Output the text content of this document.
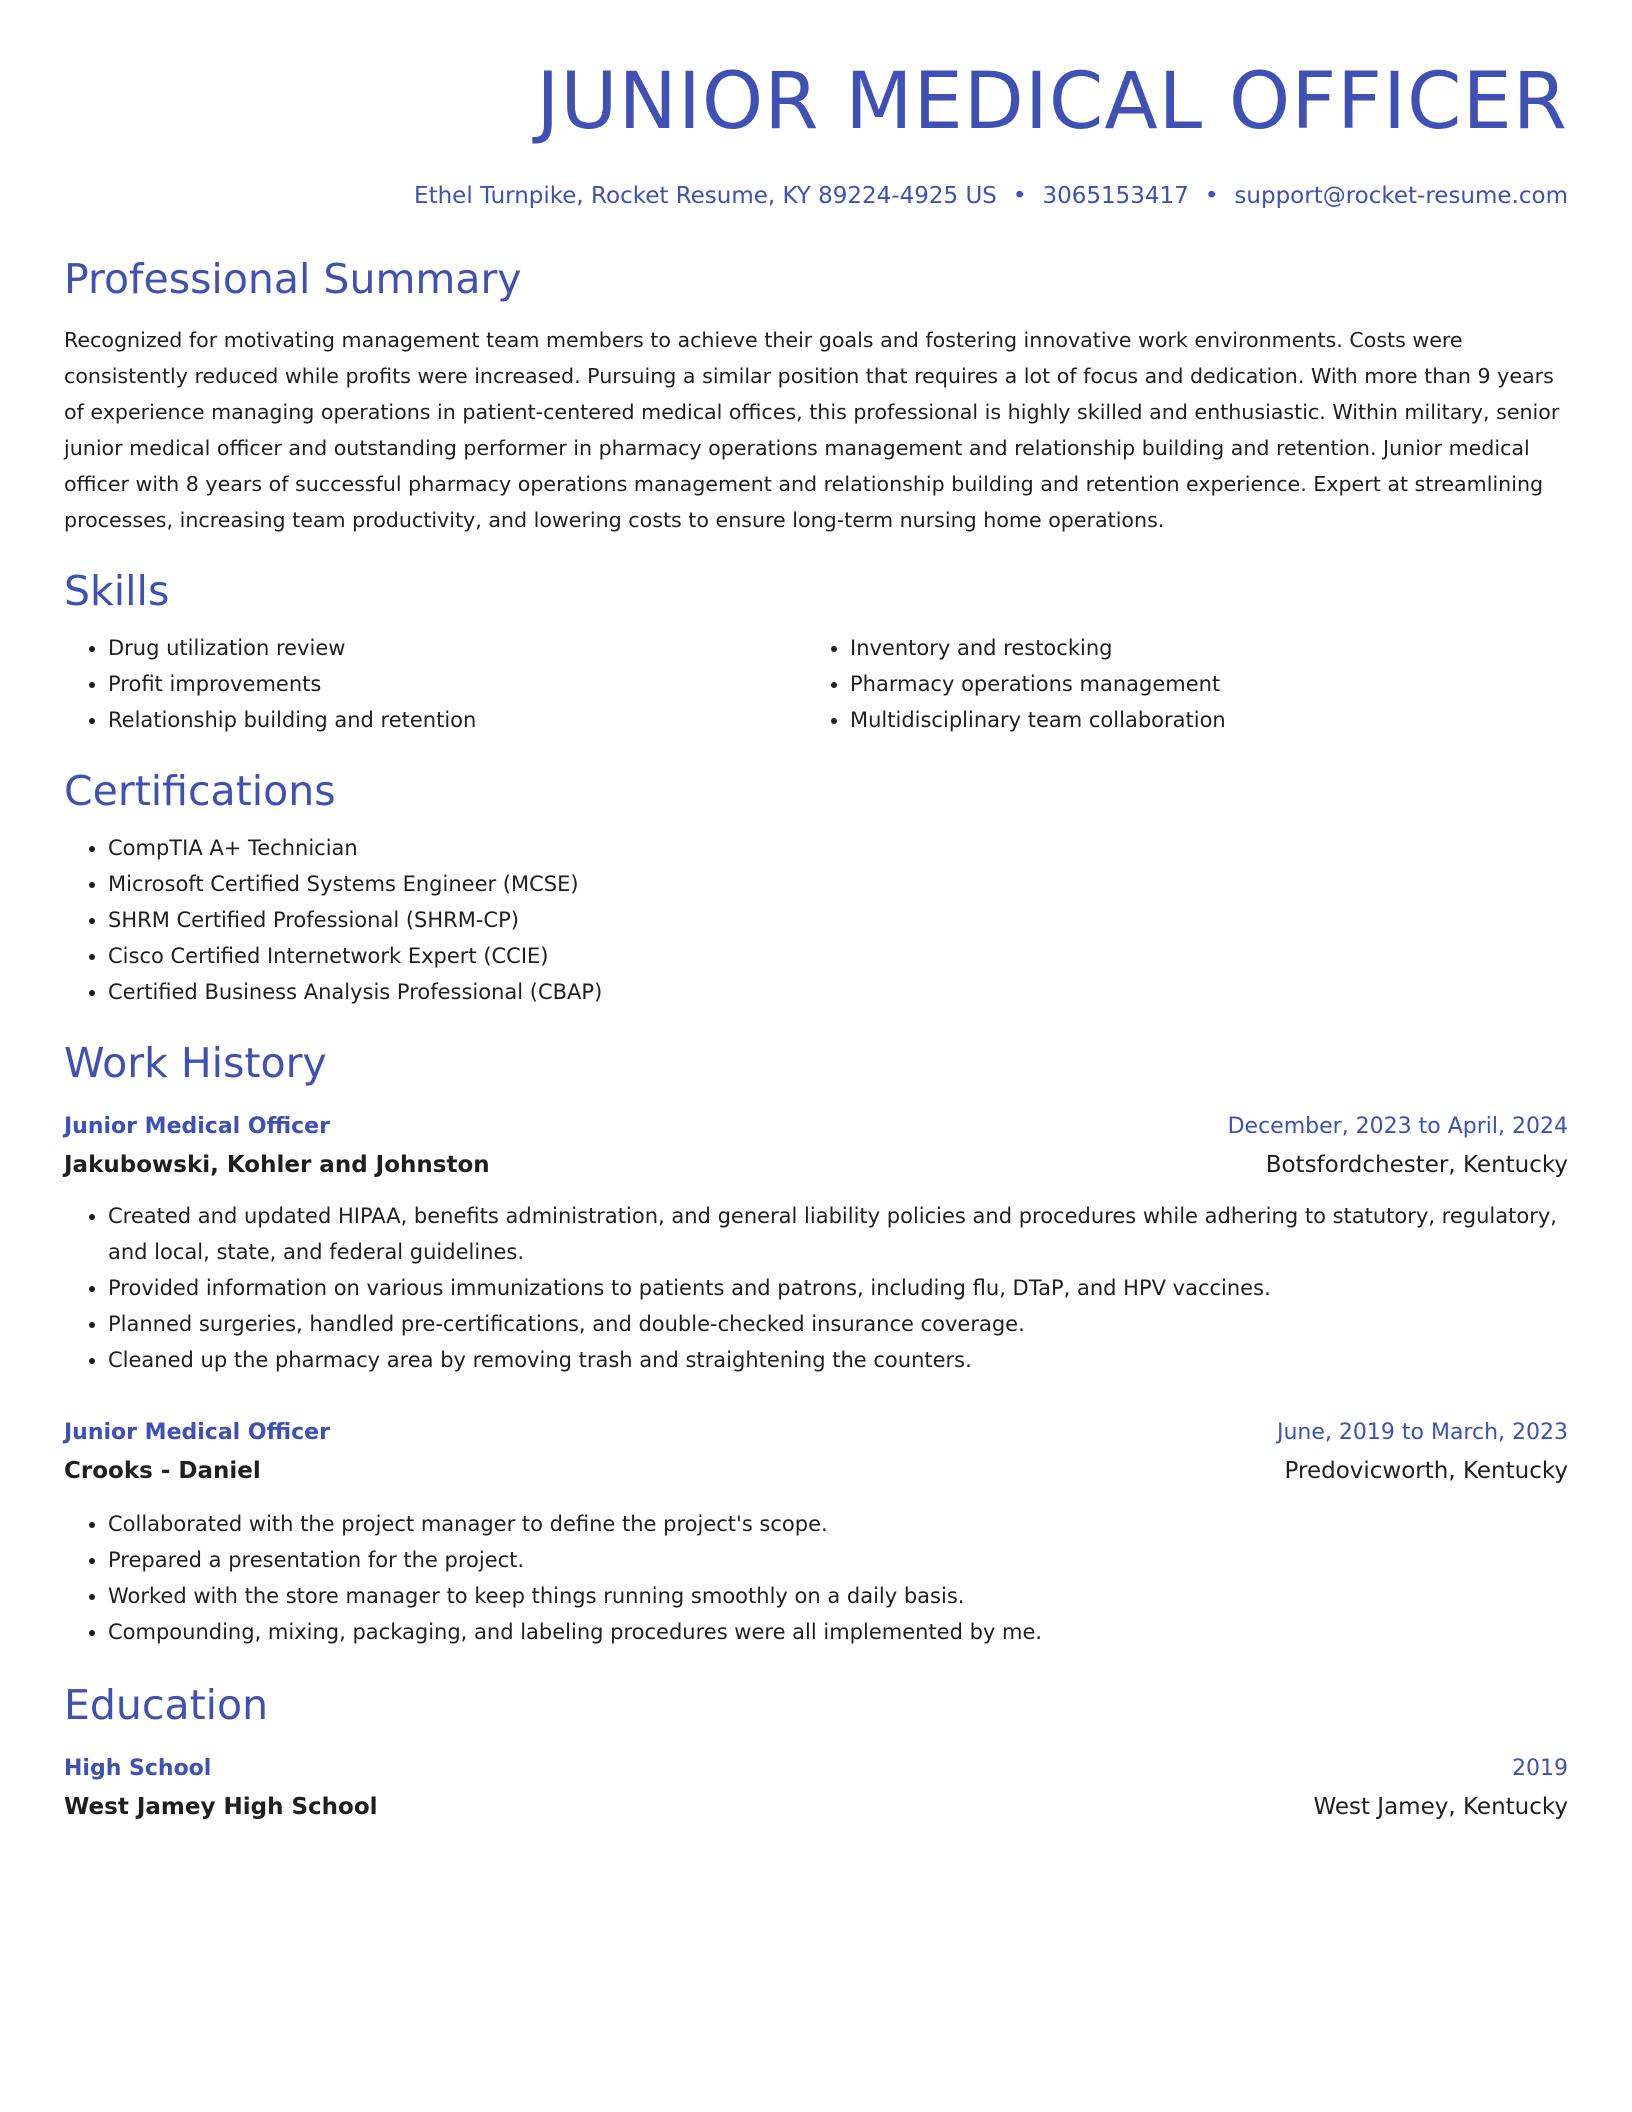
JUNIOR MEDICAL OFFICER
Ethel Turnpike, Rocket Resume, KY 89224-4925 US • 3065153417 • support@rocket-resume.com
Professional Summary
Recognized for motivating management team members to achieve their goals and fostering innovative work environments. Costs were consistently reduced while profits were increased. Pursuing a similar position that requires a lot of focus and dedication. With more than 9 years of experience managing operations in patient-centered medical offices, this professional is highly skilled and enthusiastic. Within military, senior junior medical officer and outstanding performer in pharmacy operations management and relationship building and retention. Junior medical officer with 8 years of successful pharmacy operations management and relationship building and retention experience. Expert at streamlining processes, increasing team productivity, and lowering costs to ensure long-term nursing home operations.
Skills
• Drug utilization review
• Profit improvements
• Relationship building and retention
• Inventory and restocking
• Pharmacy operations management
• Multidisciplinary team collaboration
Certifications
• CompTIA A+ Technician
• Microsoft Certified Systems Engineer (MCSE)
• SHRM Certified Professional (SHRM-CP)
• Cisco Certified Internetwork Expert (CCIE)
• Certified Business Analysis Professional (CBAP)
Work History
Junior Medical Officer	December, 2023 to April, 2024
Jakubowski, Kohler and Johnston	Botsfordchester, Kentucky
• Created and updated HIPAA, benefits administration, and general liability policies and procedures while adhering to statutory, regulatory, and local, state, and federal guidelines.
• Provided information on various immunizations to patients and patrons, including flu, DTaP, and HPV vaccines.
• Planned surgeries, handled pre-certifications, and double-checked insurance coverage.
• Cleaned up the pharmacy area by removing trash and straightening the counters.
Junior Medical Officer	June, 2019 to March, 2023
Crooks - Daniel	Predovicworth, Kentucky
• Collaborated with the project manager to define the project's scope.
• Prepared a presentation for the project.
• Worked with the store manager to keep things running smoothly on a daily basis.
• Compounding, mixing, packaging, and labeling procedures were all implemented by me.
Education
High School	2019
West Jamey High School	West Jamey, Kentucky
